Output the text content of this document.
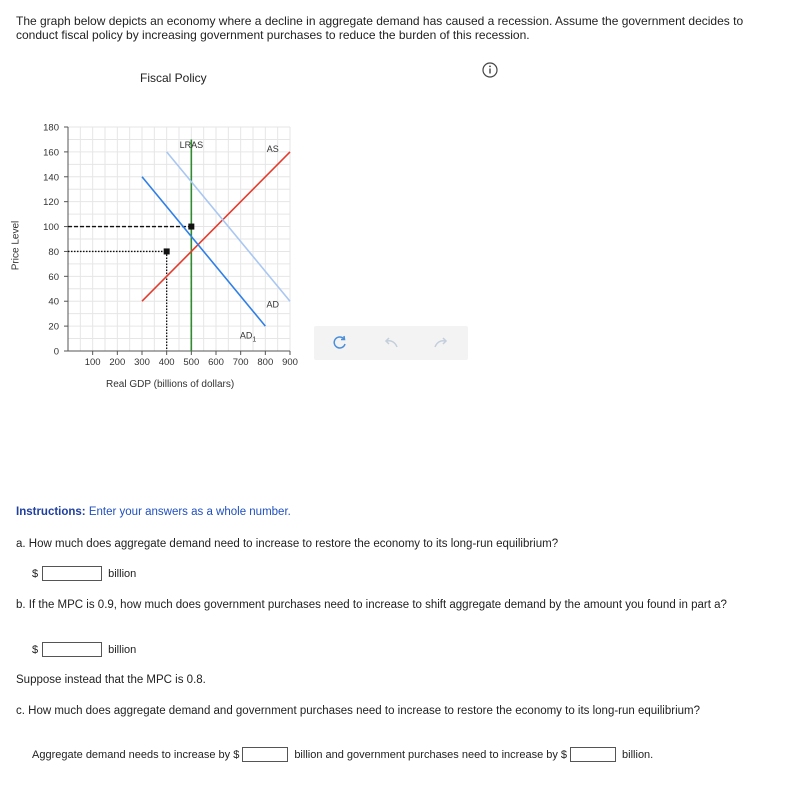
The graph below depicts an economy where a decline in aggregate demand has caused a recession. Assume the government decides to conduct fiscal policy by increasing government purchases to reduce the burden of this recession.
Fiscal Policy
0
20
40
60
80
100
120
140
160
180
100 200 300 400 500 600 700 800 900
LRAS	AS
AD
$AD_1$
Price Level
Real GDP (billions of dollars)
Instructions: Enter your answers as a whole number.
a. How much does aggregate demand need to increase to restore the economy to its long-run equilibrium?
$	billion
b. If the MPC is 0.9, how much does government purchases need to increase to shift aggregate demand by the amount you found in part a?
$	billion
Suppose instead that the MPC is 0.8.
c. How much does aggregate demand and government purchases need to increase to restore the economy to its long-run equilibrium?
Aggregate demand needs to increase by $	billion and government purchases need to increase by $	billion.
